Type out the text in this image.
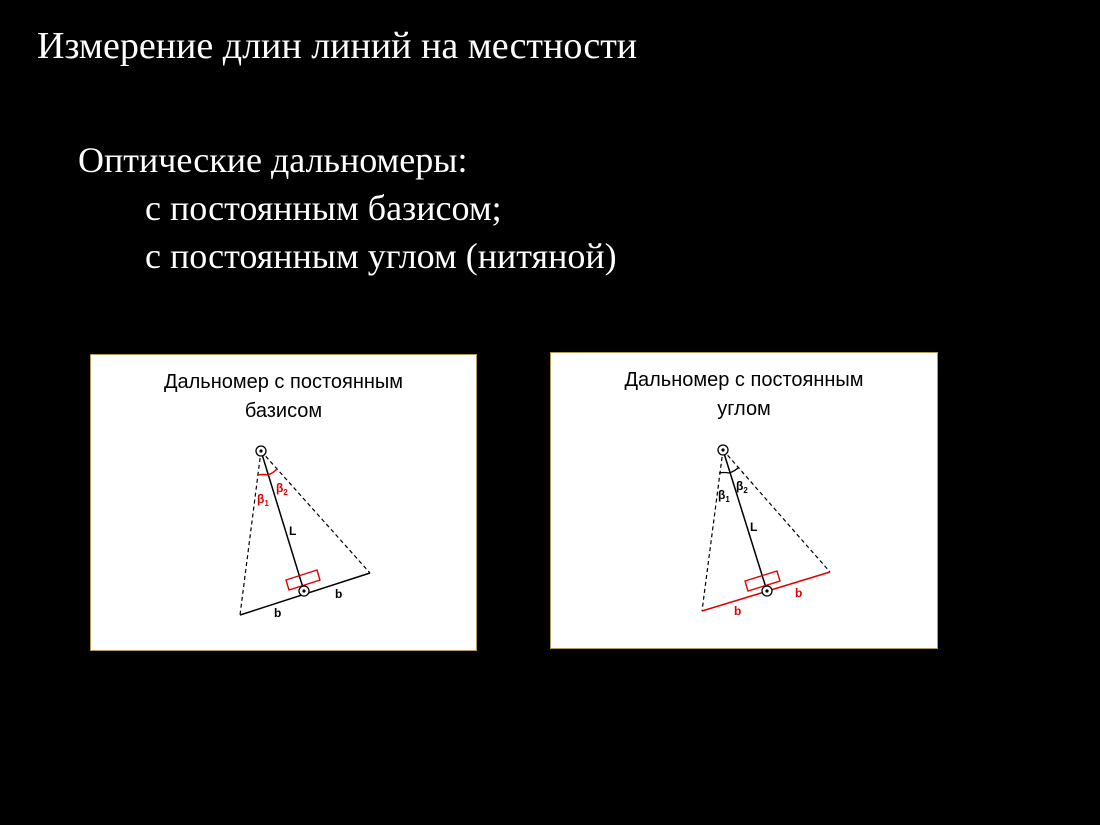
Измерение длин линий на местности
Оптические дальномеры:
с постоянным базисом;
с постоянным углом (нитяной)
Дальномер с постоянным
базисом
$\beta_1$
$\beta_2$
L
b
b
Дальномер с постоянным
углом
$\beta_1$
$\beta_2$
L
b
b
